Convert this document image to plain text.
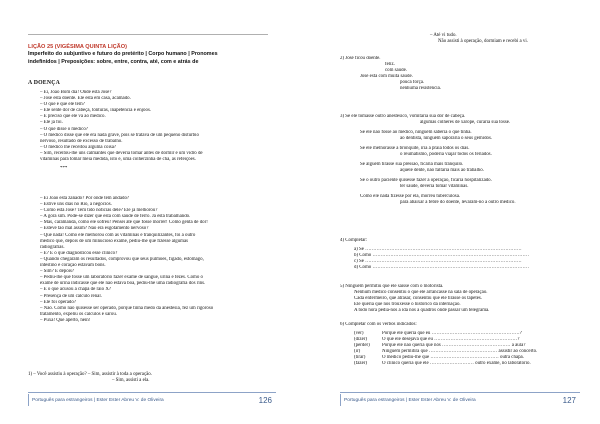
LIÇÃO 25 (VIGÉSIMA QUINTA LIÇÃO)
Imperfeito do subjuntivo e futuro do pretérito | Corpo humano | Pronomes
indefinidos | Preposições: sobre, entre, contra, até, com e atrás de
A DOENÇA
– Ei, João Bom dia! Onde está José?
– José está doente. Ele está em casa, acamado.
– O que é que ele tem?
– Ele sente dor de cabeça, tonturas, inapetência e enjôos.
– É preciso que ele vá ao médico.
– Ele já foi.
– O que disse o médico?
– O médico disse que ele era nada grave, pois se tratava de um pequeno distúrbio
nervoso, resultado de excesso de trabalho.
– O médico lhe receitou alguma coisa?
– Sim, receitou-lhe uns calmantes que deveria tomar antes de dormir e um vidro de
vitaminas para tomar meia medida, isto é, uma colherzinha de chá, às refeições.
***
– Ei João está zanado? Por onde tem andado?
– Estive uns dias no Rio, a negócios.
– Como está José? Tem tido notícias dele? Ele já melhorou?
– A gora sim. Pode-se dizer que está com saúde de ferro. Já está trabalhando.
– Mas, caramanda, como ele sofreu! Pensei até que fosse morrer! Como genta de dor!
– Esteve tão mal assim? Não era esgotamento nervoso?
– Que nada! Como ele melhorou com as vitaminas e tranqüilizantes, foi a outro
médico que, depois de um minucioso exame, pediu-lhe que fizesse algumas
radiografias.
– E? E o que diagnosticou esse clínico?
– Quando chegaram os resultados, comprovou que seus pulmões, fígado, estômago,
intestino e coração estavam bons.
– Sim? E depois?
– Pediu-lhe que fosse um laboratório fazer exame de sangue, urina e fezes. Como o
exame de urina indicasse que ele não estava boa, pediu-lhe uma radiografia dos rins.
– E o que acusou a chapa de raio X?
– Presença de um cálculo renal.
– Ele foi operado?
– Não. Como não quisesse ser operado, porque tinha medo da anestesia, fez um rigoroso
tratamento, expeliu os cálculos e sarou.
– Puxa! Que aperto, hein!
1) – Você assistiu à operação? – Sim, assistir à toda a operação.
– Sim, assisti a ela.
Português para estrangeiros | Ester Ester Abreu V. de Oliveira	126
– Até vi tudo.
Não assisti à operação, dormiam e recebi a vi.
2) José ficou doente.
feliz.
com saúde.
José está com muita saúde.
pouca força.
nenhuma resistência.
3) Se ele tomasse outro anestésico, vomitaria sua dor de cabeça.
algumas colheres de xarope, curaria sua tosse.
Se ele não fosse ao médico, ninguém saberia o que tinha.
ao dentista, ninguém saporaria o seus gemidos.
Se ele melhorasse a bronquite, iria à praia todos os dias.
o reumatismo, poderia viajar todos os feriados.
Se alguém tirasse sua pressão, ficaria mais tranquilo.
aquele dente, não faltaria mais ao trabalho.
Se o outro paciente quisesse fazer a operação, ficaria hospitalizado.
ter saúde, deveria tomar vitaminas.
Como ele nada fizesse por ela, morreu tuberculosa.
para abaixar a febre do doente, levaram-no a outro médico.
4) Completar:
a) Se ……………………………………………………………………………………
b) Como ……………………………………………………………………………………
c) Se ……………………………………………………………………………………
d) Como ……………………………………………………………………………………
5) Ninguém permitiu que ele saísse com o motorista.
Nenhum médico consentiu o que ele arrancasse na sala de operação.
Cada enfermeiro, que atrasar, consentiu que ele tirasse os tapetes.
Ele queria que nos trouxesse o histórico da internação.
A todo hora pedia-nos a ida nos a quadros onde passar um telegrama.
6) Completar com os verbos indicados:
(ver)	Porque ele queria que eu ………………………………………………?
(dizer)	O que ele desejava que eu ……………………………………………?
(perder)	Porque ele não queria que nós …………………………………… a aula?
(ir)	Ninguém permitira que …………………………………… assistir ao concerto.
(tirar)	O médico pediu-lhe que …………………………………… outra chapa.
(fazer)	O clínico queria que ele ……………………… outro exame, no laboratório.
Português para estrangeiros | Ester Ester Abreu V. de Oliveira	127
